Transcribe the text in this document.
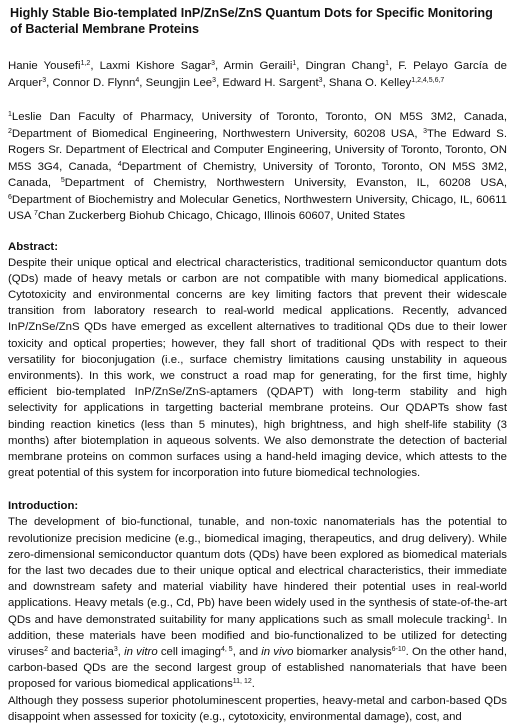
Highly Stable Bio-templated InP/ZnSe/ZnS Quantum Dots for Specific Monitoring of Bacterial Membrane Proteins
Hanie Yousefi$^{1,2}$, Laxmi Kishore Sagar$^3$, Armin Geraili$^1$, Dingran Chang$^1$, F. Pelayo García de Arquer$^3$, Connor D. Flynn$^4$, Seungjin Lee$^3$, Edward H. Sargent$^3$, Shana O. Kelley$^{1,2,4,5,6,7}$
$^1$Leslie Dan Faculty of Pharmacy, University of Toronto, Toronto, ON M5S 3M2, Canada, $^2$Department of Biomedical Engineering, Northwestern University, 60208 USA, $^3$The Edward S. Rogers Sr. Department of Electrical and Computer Engineering, University of Toronto, Toronto, ON M5S 3G4, Canada, $^4$Department of Chemistry, University of Toronto, Toronto, ON M5S 3M2, Canada, $^5$Department of Chemistry, Northwestern University, Evanston, IL, 60208 USA, $^6$Department of Biochemistry and Molecular Genetics, Northwestern University, Chicago, IL, 60611 USA $^7$Chan Zuckerberg Biohub Chicago, Chicago, Illinois 60607, United States
Abstract:

Despite their unique optical and electrical characteristics, traditional semiconductor quantum dots (QDs) made of heavy metals or carbon are not compatible with many biomedical applications. Cytotoxicity and environmental concerns are key limiting factors that prevent their widescale transition from laboratory research to real-world medical applications. Recently, advanced InP/ZnSe/ZnS QDs have emerged as excellent alternatives to traditional QDs due to their lower toxicity and optical properties; however, they fall short of traditional QDs with respect to their versatility for bioconjugation (i.e., surface chemistry limitations causing unstability in aqueous environments). In this work, we construct a road map for generating, for the first time, highly efficient bio-templated InP/ZnSe/ZnS-aptamers (QDAPT) with long-term stability and high selectivity for applications in targetting bacterial membrane proteins. Our QDAPTs show fast binding reaction kinetics (less than 5 minutes), high brightness, and high shelf-life stability (3 months) after biotemplation in aqueous solvents. We also demonstrate the detection of bacterial membrane proteins on common surfaces using a hand-held imaging device, which attests to the great potential of this system for incorporation into future biomedical technologies.

Introduction:

The development of bio-functional, tunable, and non-toxic nanomaterials has the potential to revolutionize precision medicine (e.g., biomedical imaging, therapeutics, and drug delivery). While zero-dimensional semiconductor quantum dots (QDs) have been explored as biomedical materials for the last two decades due to their unique optical and electrical characteristics, their immediate and downstream safety and material viability have hindered their potential uses in real-world applications. Heavy metals (e.g., Cd, Pb) have been widely used in the synthesis of state-of-the-art QDs and have demonstrated suitability for many applications such as small molecule tracking$^1$. In addition, these materials have been modified and bio-functionalized to be utilized for detecting viruses$^2$ and bacteria$^3$, in vitro cell imaging$^{4, 5}$, and in vivo biomarker analysis$^{6-10}$. On the other hand, carbon-based QDs are the second largest group of established nanomaterials that have been proposed for various biomedical applications$^{11, 12}$.

Although they possess superior photoluminescent properties, heavy-metal and carbon-based QDs disappoint when assessed for toxicity (e.g., cytotoxicity, environmental damage), cost, and
